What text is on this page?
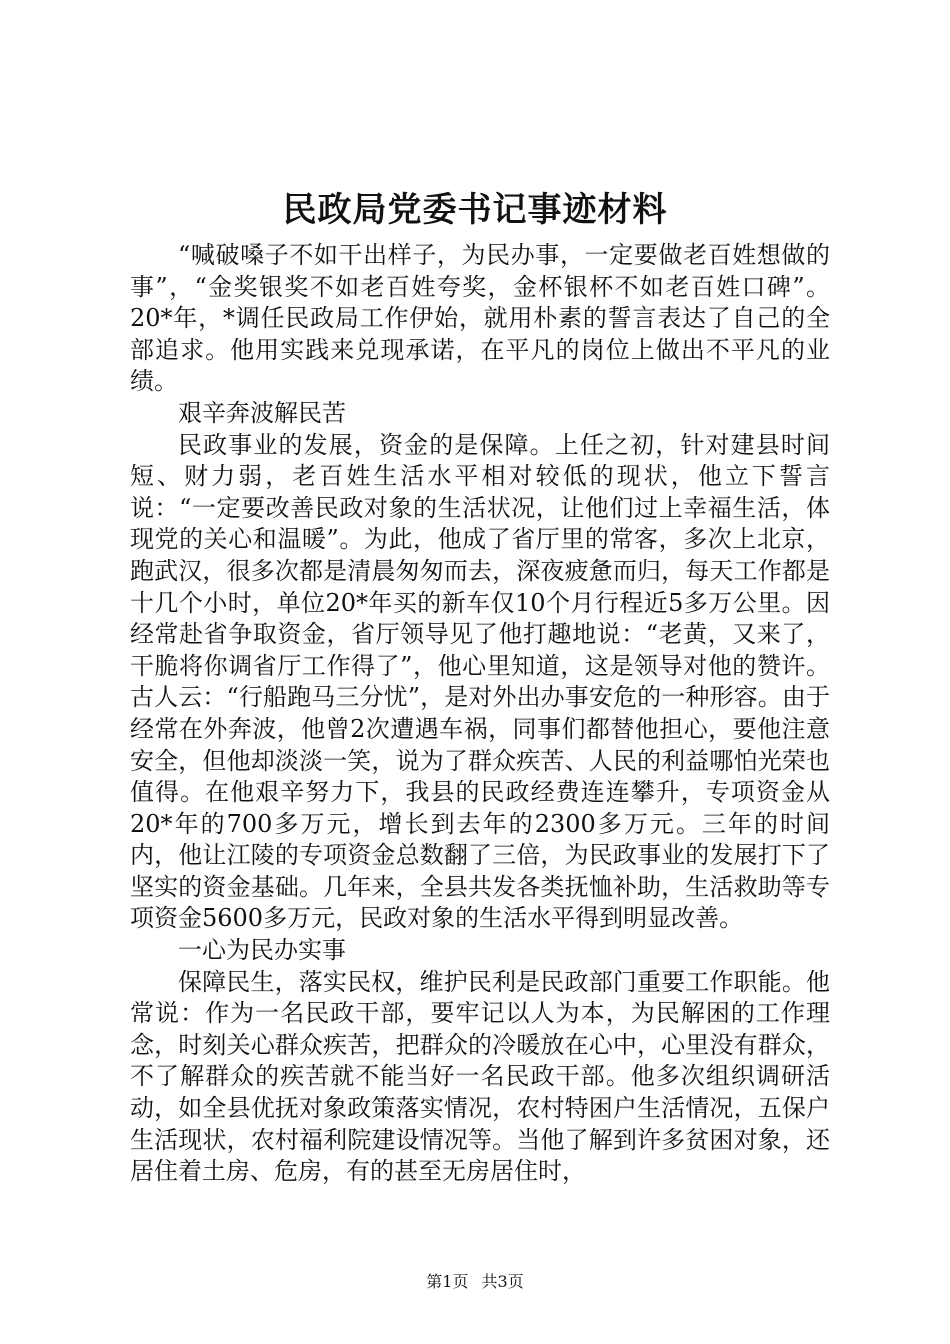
民政局党委书记事迹材料

“喊破嗓子不如干出样子，为民办事，一定要做老百姓想做的事”，“金奖银奖不如老百姓夸奖，金杯银杯不如老百姓口碑”。20*年，*调任民政局工作伊始，就用朴素的誓言表达了自己的全部追求。他用实践来兑现承诺，在平凡的岗位上做出不平凡的业绩。

艰辛奔波解民苦

民政事业的发展，资金的是保障。上任之初，针对建县时间短、财力弱，老百姓生活水平相对较低的现状，他立下誓言说：“一定要改善民政对象的生活状况，让他们过上幸福生活，体现党的关心和温暖”。为此，他成了省厅里的常客，多次上北京，跑武汉，很多次都是清晨匆匆而去，深夜疲惫而归，每天工作都是十几个小时，单位20*年买的新车仅10个月行程近5多万公里。因经常赴省争取资金，省厅领导见了他打趣地说：“老黄，又来了，干脆将你调省厅工作得了”，他心里知道，这是领导对他的赞许。古人云：“行船跑马三分忧”，是对外出办事安危的一种形容。由于经常在外奔波，他曾2次遭遇车祸，同事们都替他担心，要他注意安全，但他却淡淡一笑，说为了群众疾苦、人民的利益哪怕光荣也值得。在他艰辛努力下，我县的民政经费连连攀升，专项资金从20*年的700多万元，增长到去年的2300多万元。三年的时间内，他让江陵的专项资金总数翻了三倍，为民政事业的发展打下了坚实的资金基础。几年来，全县共发各类抚恤补助，生活救助等专项资金5600多万元，民政对象的生活水平得到明显改善。

一心为民办实事

保障民生，落实民权，维护民利是民政部门重要工作职能。他常说：作为一名民政干部，要牢记以人为本，为民解困的工作理念，时刻关心群众疾苦，把群众的冷暖放在心中，心里没有群众，不了解群众的疾苦就不能当好一名民政干部。他多次组织调研活动，如全县优抚对象政策落实情况，农村特困户生活情况，五保户生活现状，农村福利院建设情况等。当他了解到许多贫困对象，还居住着土房、危房，有的甚至无房居住时，

第1页 共3页
